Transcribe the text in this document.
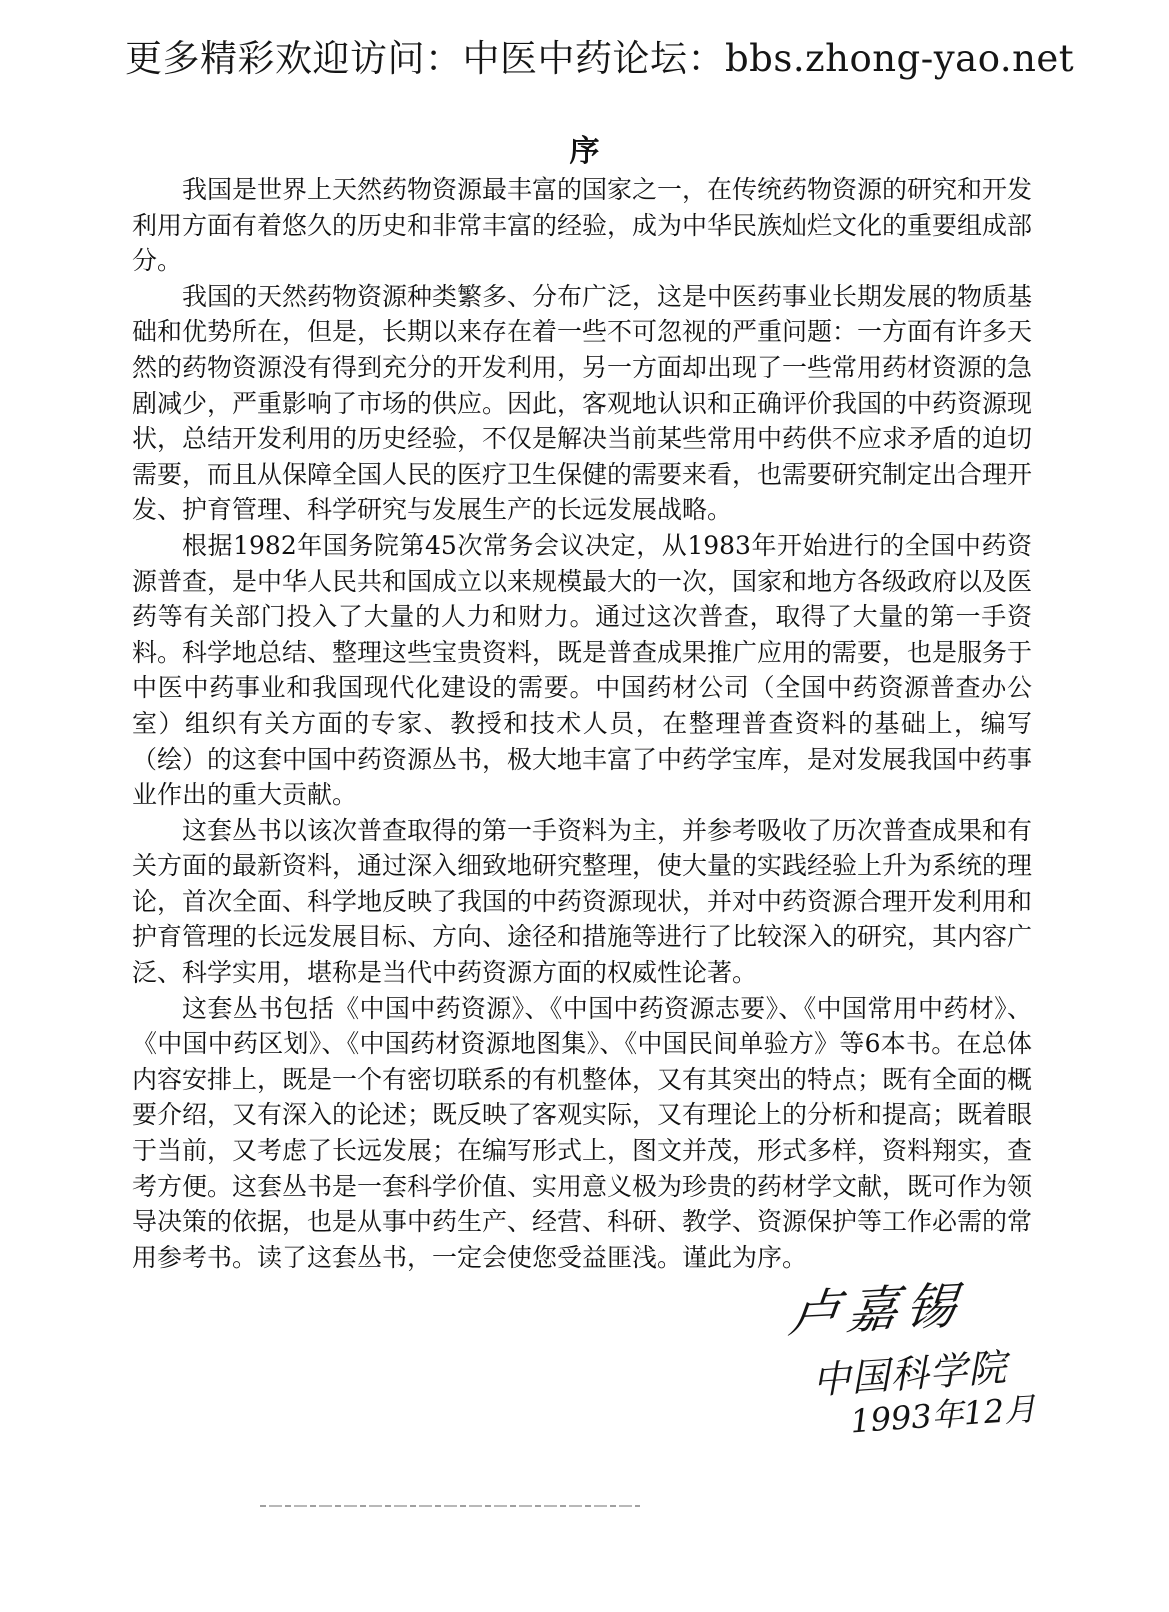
更多精彩欢迎访问：中医中药论坛：bbs.zhong-yao.net
序

我国是世界上天然药物资源最丰富的国家之一，在传统药物资源的研究和开发利用方面有着悠久的历史和非常丰富的经验，成为中华民族灿烂文化的重要组成部分。

我国的天然药物资源种类繁多、分布广泛，这是中医药事业长期发展的物质基础和优势所在，但是，长期以来存在着一些不可忽视的严重问题：一方面有许多天然的药物资源没有得到充分的开发利用，另一方面却出现了一些常用药材资源的急剧减少，严重影响了市场的供应。因此，客观地认识和正确评价我国的中药资源现状，总结开发利用的历史经验，不仅是解决当前某些常用中药供不应求矛盾的迫切需要，而且从保障全国人民的医疗卫生保健的需要来看，也需要研究制定出合理开发、护育管理、科学研究与发展生产的长远发展战略。

根据1982年国务院第45次常务会议决定，从1983年开始进行的全国中药资源普查，是中华人民共和国成立以来规模最大的一次，国家和地方各级政府以及医药等有关部门投入了大量的人力和财力。通过这次普查，取得了大量的第一手资料。科学地总结、整理这些宝贵资料，既是普查成果推广应用的需要，也是服务于中医中药事业和我国现代化建设的需要。中国药材公司（全国中药资源普查办公室）组织有关方面的专家、教授和技术人员，在整理普查资料的基础上，编写（绘）的这套中国中药资源丛书，极大地丰富了中药学宝库，是对发展我国中药事业作出的重大贡献。

这套丛书以该次普查取得的第一手资料为主，并参考吸收了历次普查成果和有关方面的最新资料，通过深入细致地研究整理，使大量的实践经验上升为系统的理论，首次全面、科学地反映了我国的中药资源现状，并对中药资源合理开发利用和护育管理的长远发展目标、方向、途径和措施等进行了比较深入的研究，其内容广泛、科学实用，堪称是当代中药资源方面的权威性论著。

这套丛书包括《中国中药资源》、《中国中药资源志要》、《中国常用中药材》、《中国中药区划》、《中国药材资源地图集》、《中国民间单验方》等6本书。在总体内容安排上，既是一个有密切联系的有机整体，又有其突出的特点；既有全面的概要介绍，又有深入的论述；既反映了客观实际，又有理论上的分析和提高；既着眼于当前，又考虑了长远发展；在编写形式上，图文并茂，形式多样，资料翔实，查考方便。这套丛书是一套科学价值、实用意义极为珍贵的药材学文献，既可作为领导决策的依据，也是从事中药生产、经营、科研、教学、资源保护等工作必需的常用参考书。读了这套丛书，一定会使您受益匪浅。谨此为序。

卢嘉锡
中国科学院
1993年12月
